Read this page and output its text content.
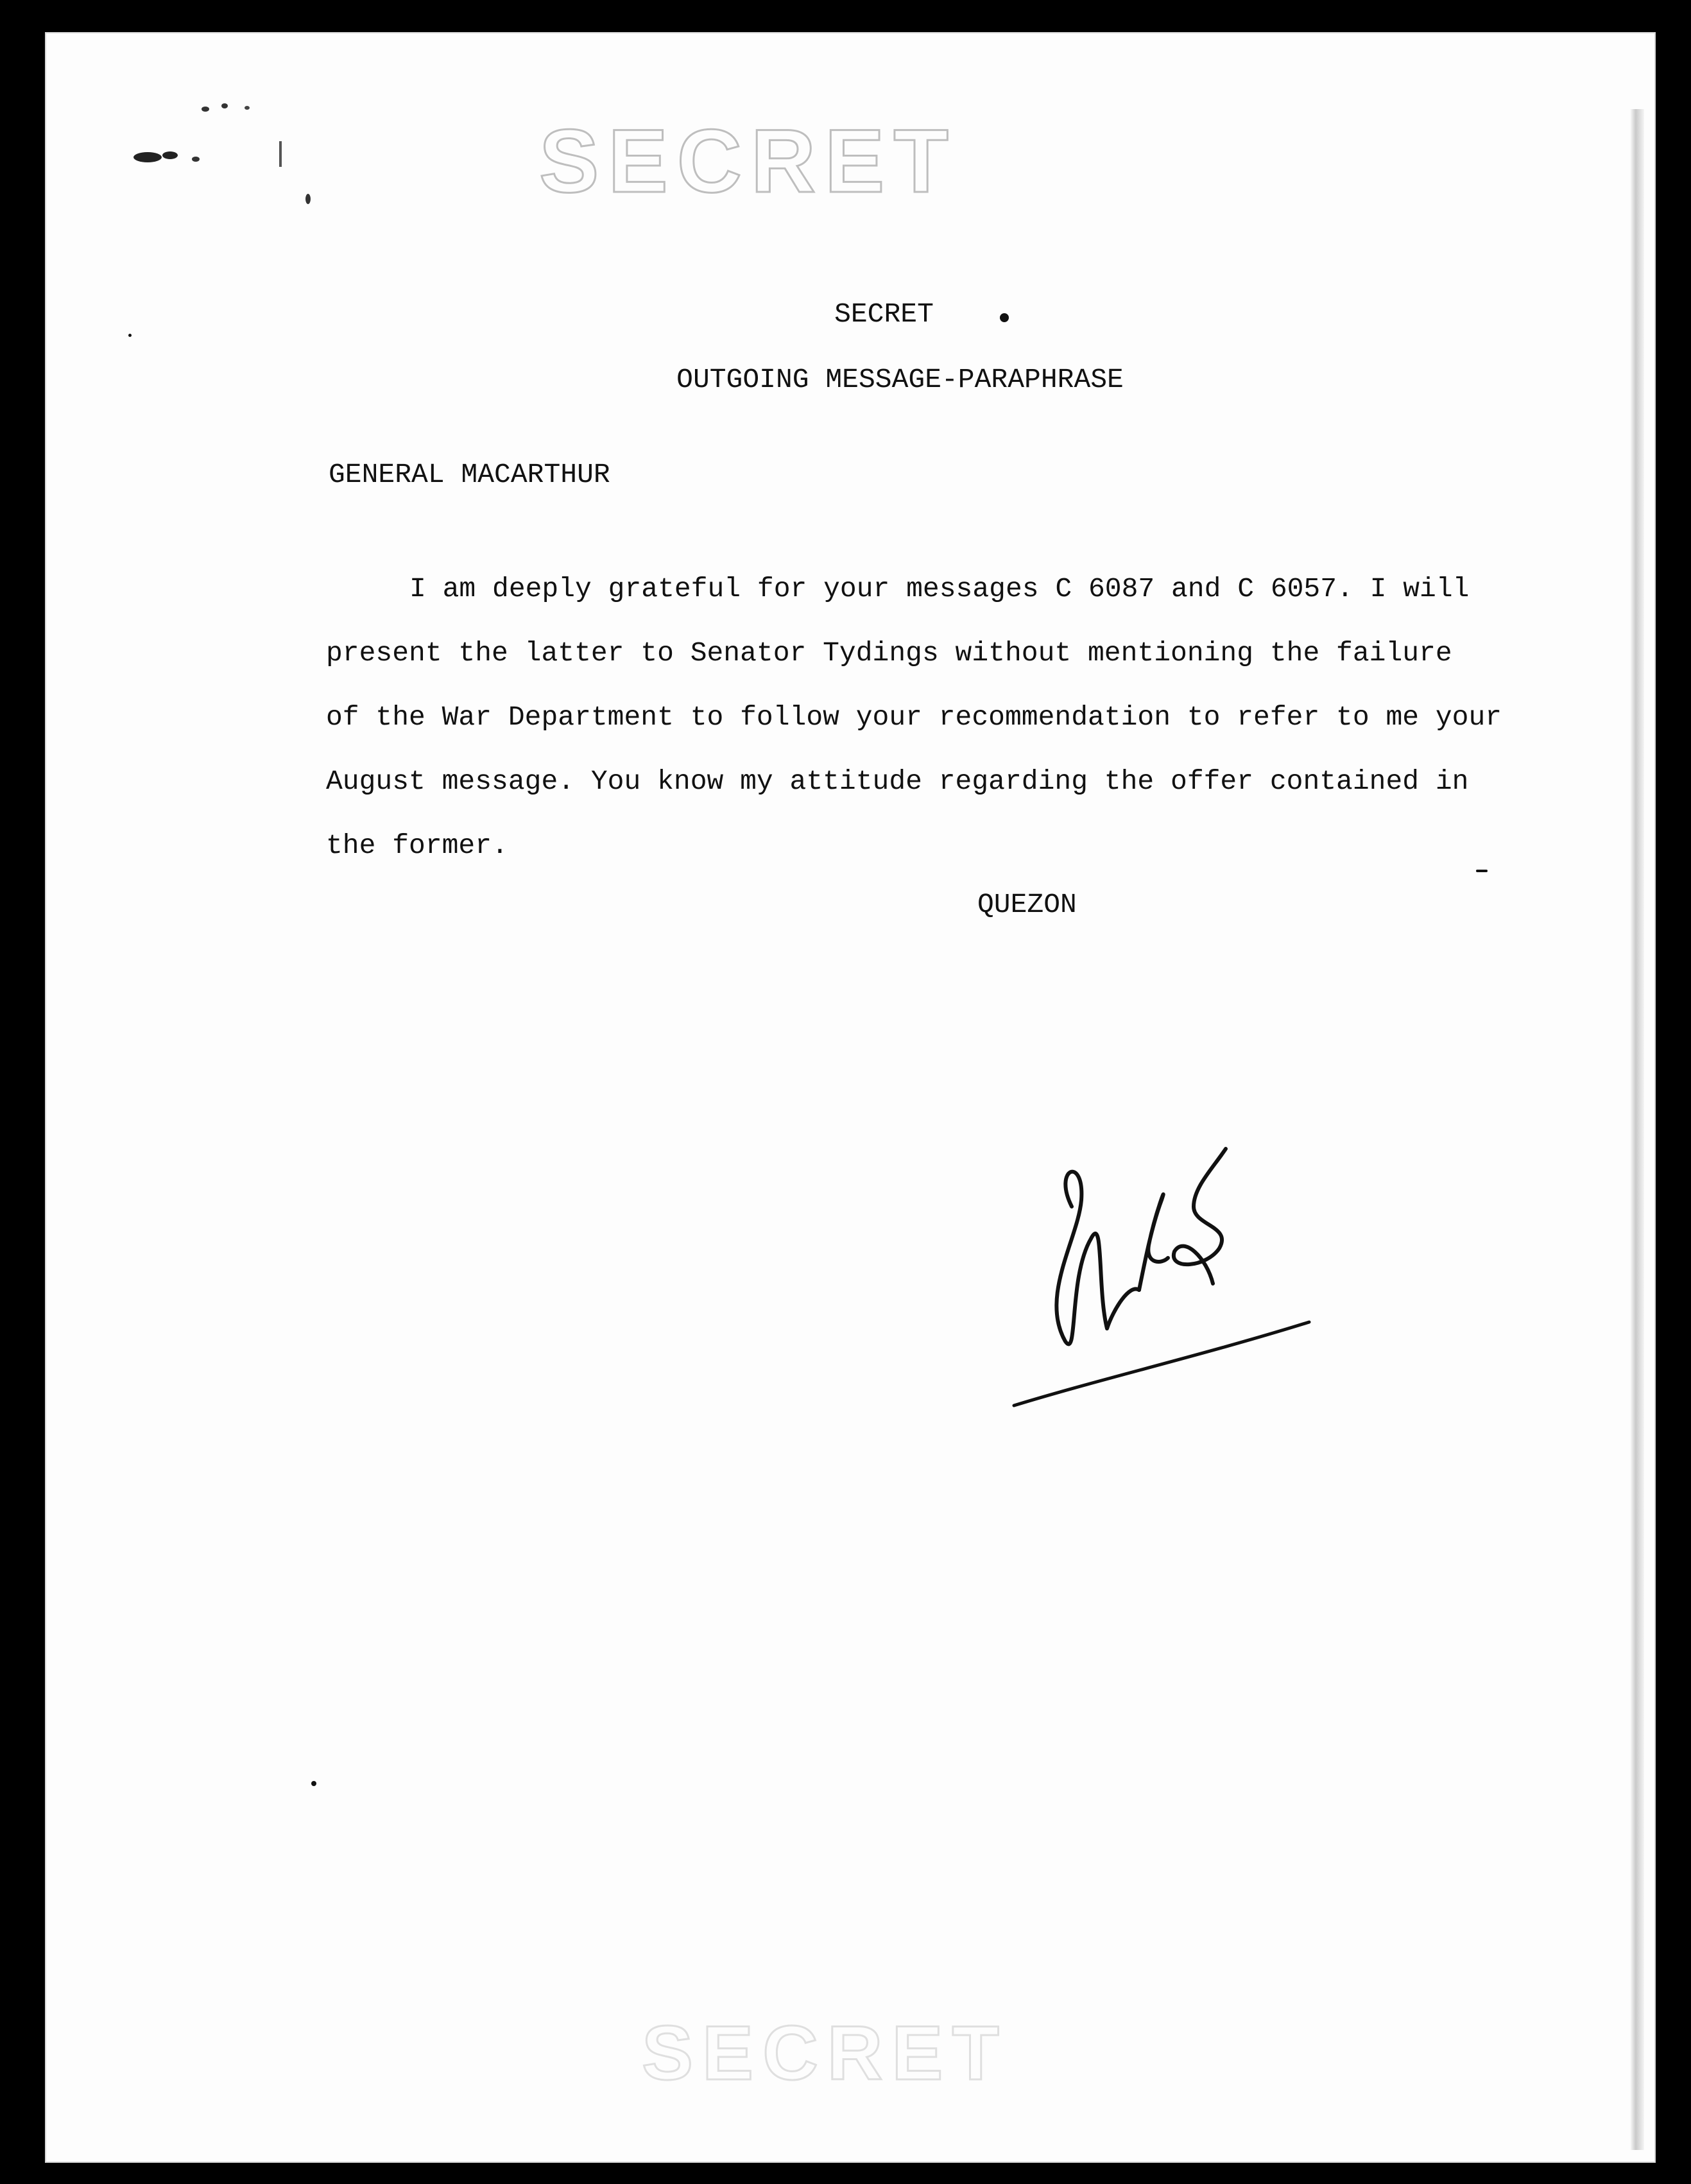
SECRET
SECRET
SECRET
OUTGOING MESSAGE-PARAPHRASE
GENERAL MACARTHUR
I am deeply grateful for your messages C 6087 and C 6057. I will
present the latter to Senator Tydings without mentioning the failure
of the War Department to follow your recommendation to refer to me your
August message. You know my attitude regarding the offer contained in
the former.
QUEZON
